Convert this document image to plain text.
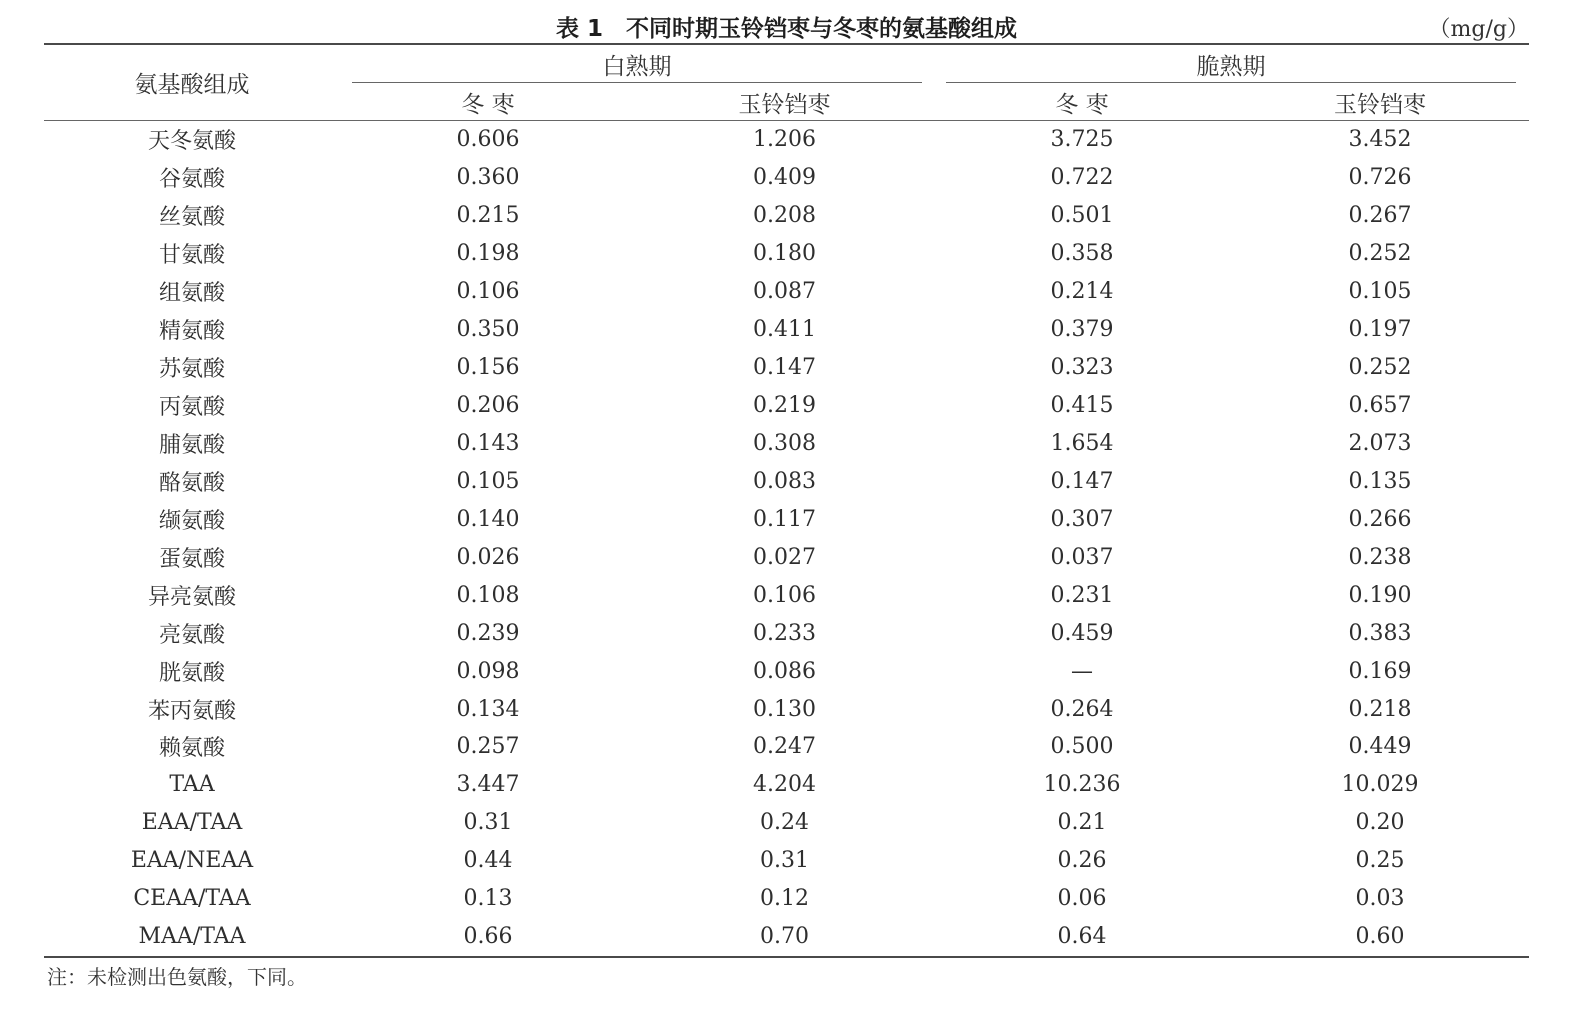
表 1　不同时期玉铃铛枣与冬枣的氨基酸组成	（mg/g）
氨基酸组成
白熟期
冬 枣	玉铃铛枣
脆熟期
冬 枣	玉铃铛枣
天冬氨酸	0.606	1.206	3.725	3.452
谷氨酸	0.360	0.409	0.722	0.726
丝氨酸	0.215	0.208	0.501	0.267
甘氨酸	0.198	0.180	0.358	0.252
组氨酸	0.106	0.087	0.214	0.105
精氨酸	0.350	0.411	0.379	0.197
苏氨酸	0.156	0.147	0.323	0.252
丙氨酸	0.206	0.219	0.415	0.657
脯氨酸	0.143	0.308	1.654	2.073
酪氨酸	0.105	0.083	0.147	0.135
缬氨酸	0.140	0.117	0.307	0.266
蛋氨酸	0.026	0.027	0.037	0.238
异亮氨酸	0.108	0.106	0.231	0.190
亮氨酸	0.239	0.233	0.459	0.383
胱氨酸	0.098	0.086	—	0.169
苯丙氨酸	0.134	0.130	0.264	0.218
赖氨酸	0.257	0.247	0.500	0.449
TAA	3.447	4.204	10.236	10.029
EAA/TAA	0.31	0.24	0.21	0.20
EAA/NEAA	0.44	0.31	0.26	0.25
CEAA/TAA	0.13	0.12	0.06	0.03
MAA/TAA	0.66	0.70	0.64	0.60
注：未检测出色氨酸，下同。
